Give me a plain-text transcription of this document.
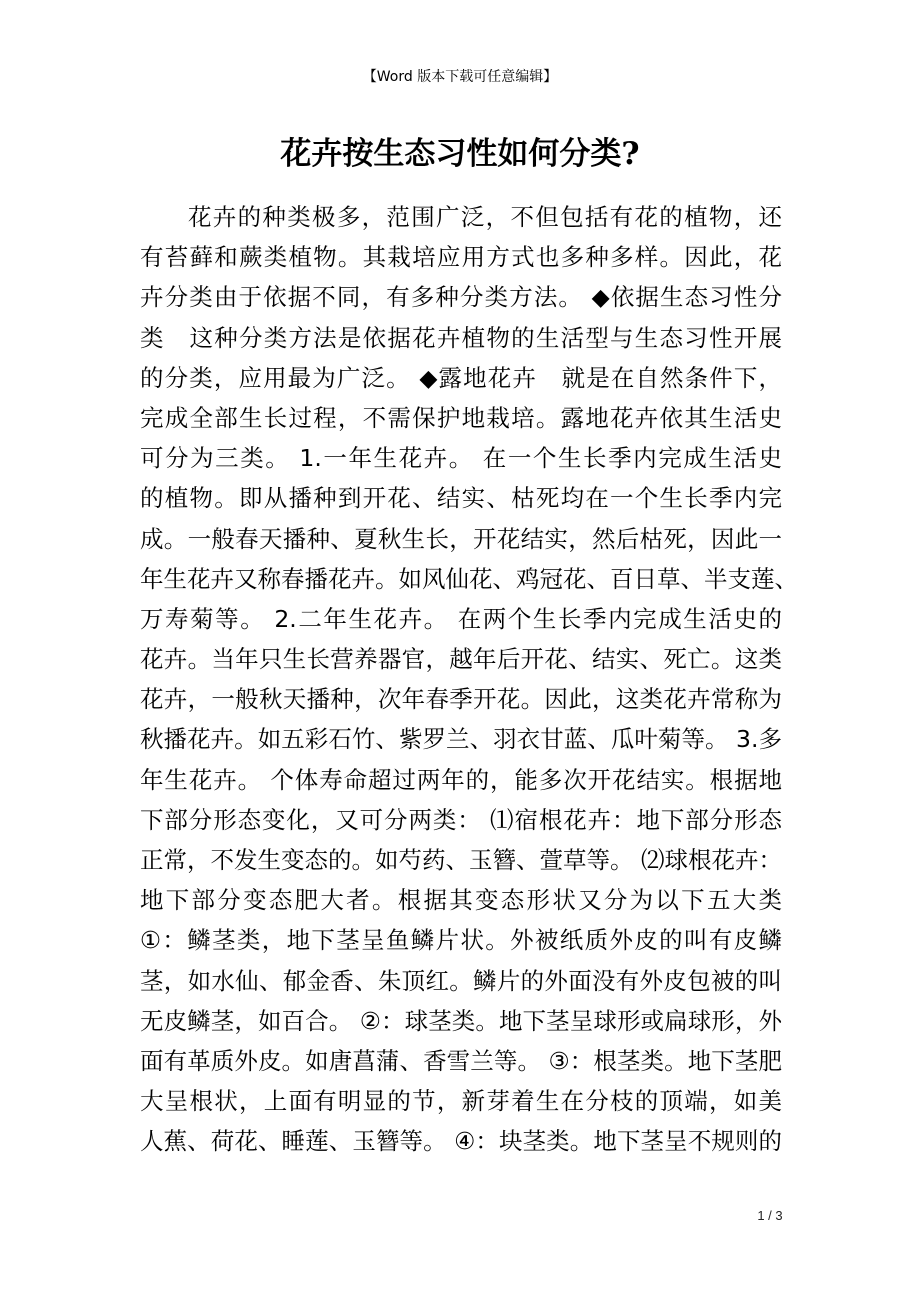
【Word 版本下载可任意编辑】
花卉按生态习性如何分类?
花卉的种类极多，范围广泛，不但包括有花的植物，还
有苔藓和蕨类植物。其栽培应用方式也多种多样。因此，花
卉分类由于依据不同，有多种分类方法。 ◆依据生态习性分
类　这种分类方法是依据花卉植物的生活型与生态习性开展
的分类，应用最为广泛。 ◆露地花卉　就是在自然条件下，
完成全部生长过程，不需保护地栽培。露地花卉依其生活史
可分为三类。 1.一年生花卉。 在一个生长季内完成生活史
的植物。即从播种到开花、结实、枯死均在一个生长季内完
成。一般春天播种、夏秋生长，开花结实，然后枯死，因此一
年生花卉又称春播花卉。如风仙花、鸡冠花、百日草、半支莲、
万寿菊等。 2.二年生花卉。 在两个生长季内完成生活史的
花卉。当年只生长营养器官，越年后开花、结实、死亡。这类
花卉，一般秋天播种，次年春季开花。因此，这类花卉常称为
秋播花卉。如五彩石竹、紫罗兰、羽衣甘蓝、瓜叶菊等。 3.多
年生花卉。 个体寿命超过两年的，能多次开花结实。根据地
下部分形态变化，又可分两类： ⑴宿根花卉：地下部分形态
正常，不发生变态的。如芍药、玉簪、萱草等。 ⑵球根花卉：
地下部分变态肥大者。根据其变态形状又分为以下五大类
①：鳞茎类，地下茎呈鱼鳞片状。外被纸质外皮的叫有皮鳞
茎，如水仙、郁金香、朱顶红。鳞片的外面没有外皮包被的叫
无皮鳞茎，如百合。 ②：球茎类。地下茎呈球形或扁球形，外
面有革质外皮。如唐菖蒲、香雪兰等。 ③：根茎类。地下茎肥
大呈根状，上面有明显的节，新芽着生在分枝的顶端，如美
人蕉、荷花、睡莲、玉簪等。 ④：块茎类。地下茎呈不规则的
1 / 3
